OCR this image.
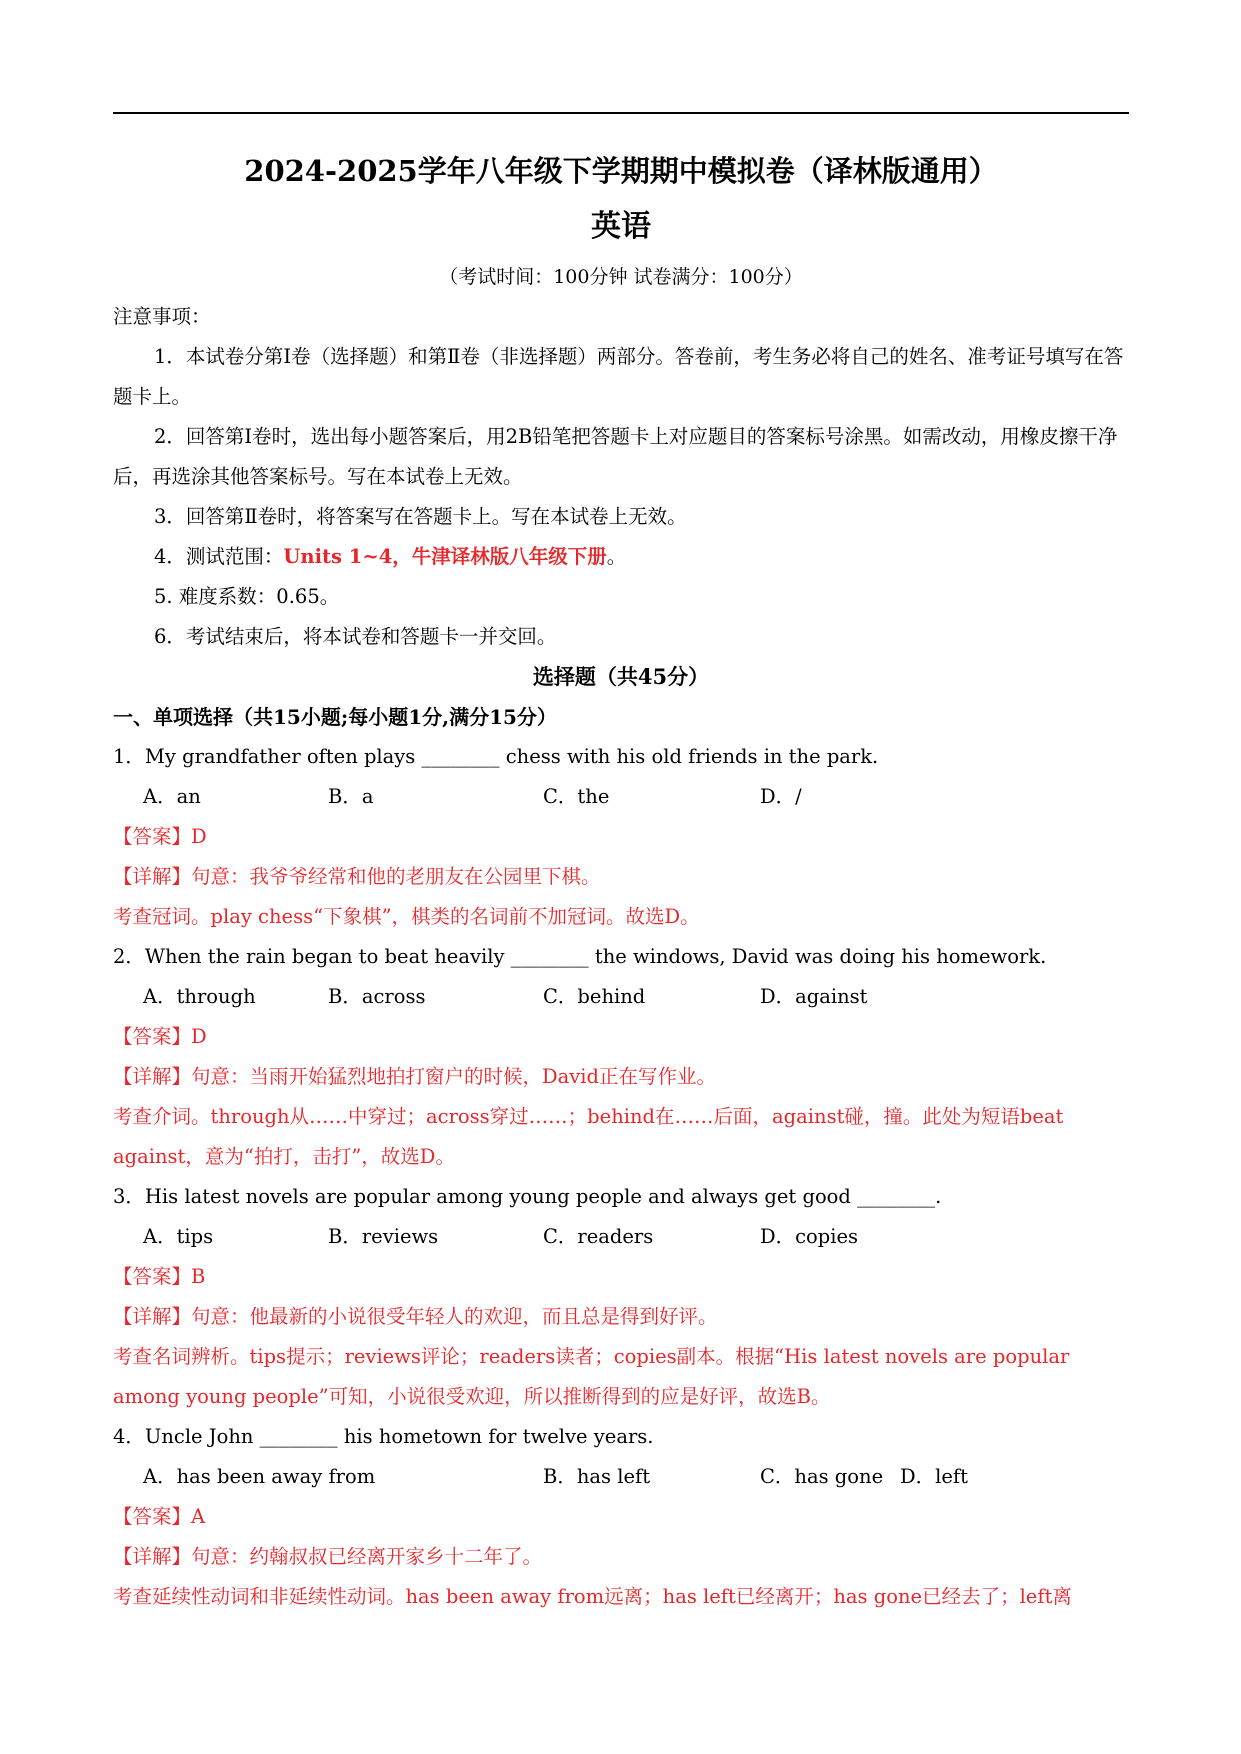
2024-2025学年八年级下学期期中模拟卷（译林版通用）
英语
（考试时间：100分钟 试卷满分：100分）
注意事项：
1．本试卷分第Ⅰ卷（选择题）和第Ⅱ卷（非选择题）两部分。答卷前，考生务必将自己的姓名、准考证号填写在答题卡上。
2．回答第Ⅰ卷时，选出每小题答案后，用2B铅笔把答题卡上对应题目的答案标号涂黑。如需改动，用橡皮擦干净后，再选涂其他答案标号。写在本试卷上无效。
3．回答第Ⅱ卷时，将答案写在答题卡上。写在本试卷上无效。
4．测试范围：Units 1~4，牛津译林版八年级下册。
5. 难度系数：0.65。
6．考试结束后，将本试卷和答题卡一并交回。
选择题（共45分）
一、单项选择（共15小题;每小题1分,满分15分）
1．My grandfather often plays ________ chess with his old friends in the park.
A．an	B．a	C．the	D．/
【答案】D
【详解】句意：我爷爷经常和他的老朋友在公园里下棋。
考查冠词。play chess“下象棋”，棋类的名词前不加冠词。故选D。
2．When the rain began to beat heavily ________ the windows, David was doing his homework.
A．through	B．across	C．behind	D．against
【答案】D
【详解】句意：当雨开始猛烈地拍打窗户的时候，David正在写作业。
考查介词。through从……中穿过；across穿过……；behind在……后面，against碰，撞。此处为短语beat against，意为“拍打，击打”，故选D。
3．His latest novels are popular among young people and always get good ________.
A．tips	B．reviews	C．readers	D．copies
【答案】B
【详解】句意：他最新的小说很受年轻人的欢迎，而且总是得到好评。
考查名词辨析。tips提示；reviews评论；readers读者；copies副本。根据“His latest novels are popular among young people”可知，小说很受欢迎，所以推断得到的应是好评，故选B。
4．Uncle John ________ his hometown for twelve years.
A．has been away from	B．has left	C．has gone D．left
【答案】A
【详解】句意：约翰叔叔已经离开家乡十二年了。
考查延续性动词和非延续性动词。has been away from远离；has left已经离开；has gone已经去了；left离
